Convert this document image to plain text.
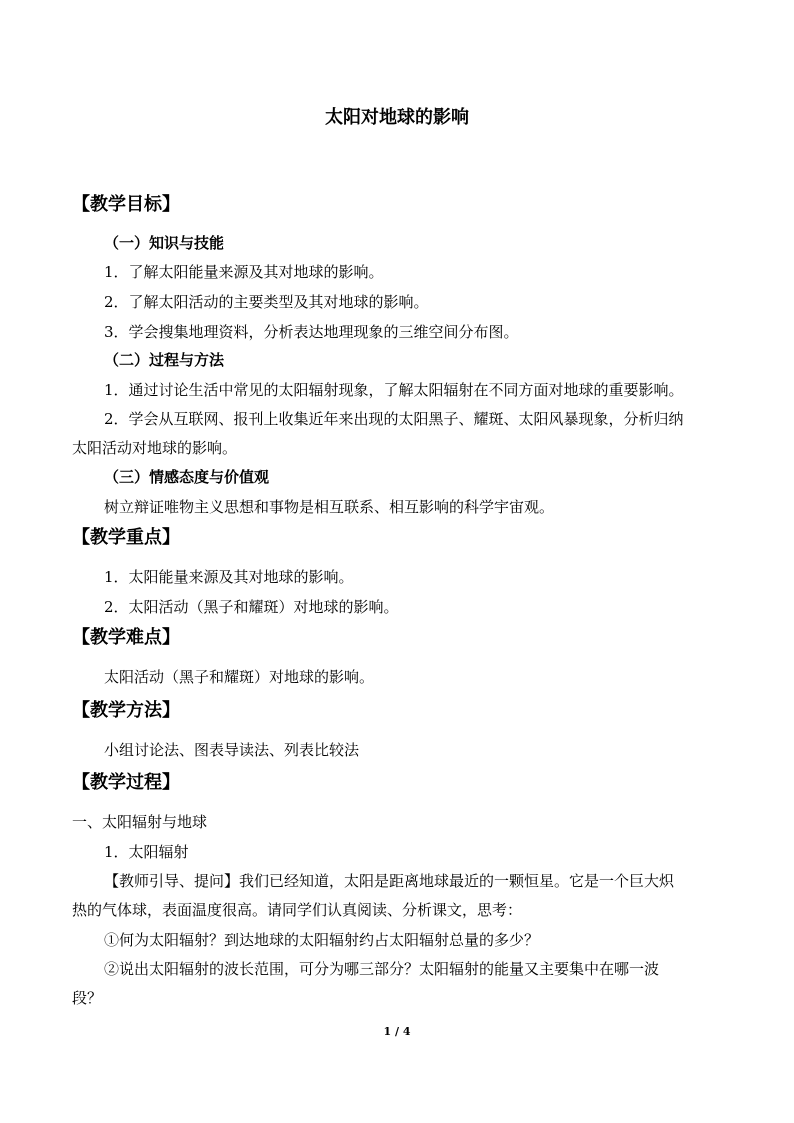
太阳对地球的影响
【教学目标】
（一）知识与技能
1．了解太阳能量来源及其对地球的影响。
2．了解太阳活动的主要类型及其对地球的影响。
3．学会搜集地理资料，分析表达地理现象的三维空间分布图。
（二）过程与方法
1．通过讨论生活中常见的太阳辐射现象，了解太阳辐射在不同方面对地球的重要影响。
2．学会从互联网、报刊上收集近年来出现的太阳黑子、耀斑、太阳风暴现象，分析归纳
太阳活动对地球的影响。
（三）情感态度与价值观
树立辩证唯物主义思想和事物是相互联系、相互影响的科学宇宙观。
【教学重点】
1．太阳能量来源及其对地球的影响。
2．太阳活动（黑子和耀斑）对地球的影响。
【教学难点】
太阳活动（黑子和耀斑）对地球的影响。
【教学方法】
小组讨论法、图表导读法、列表比较法
【教学过程】
一、太阳辐射与地球
1．太阳辐射
【教师引导、提问】我们已经知道，太阳是距离地球最近的一颗恒星。它是一个巨大炽
热的气体球，表面温度很高。请同学们认真阅读、分析课文，思考：
①何为太阳辐射？到达地球的太阳辐射约占太阳辐射总量的多少？
②说出太阳辐射的波长范围，可分为哪三部分？太阳辐射的能量又主要集中在哪一波
段？
1 / 4
